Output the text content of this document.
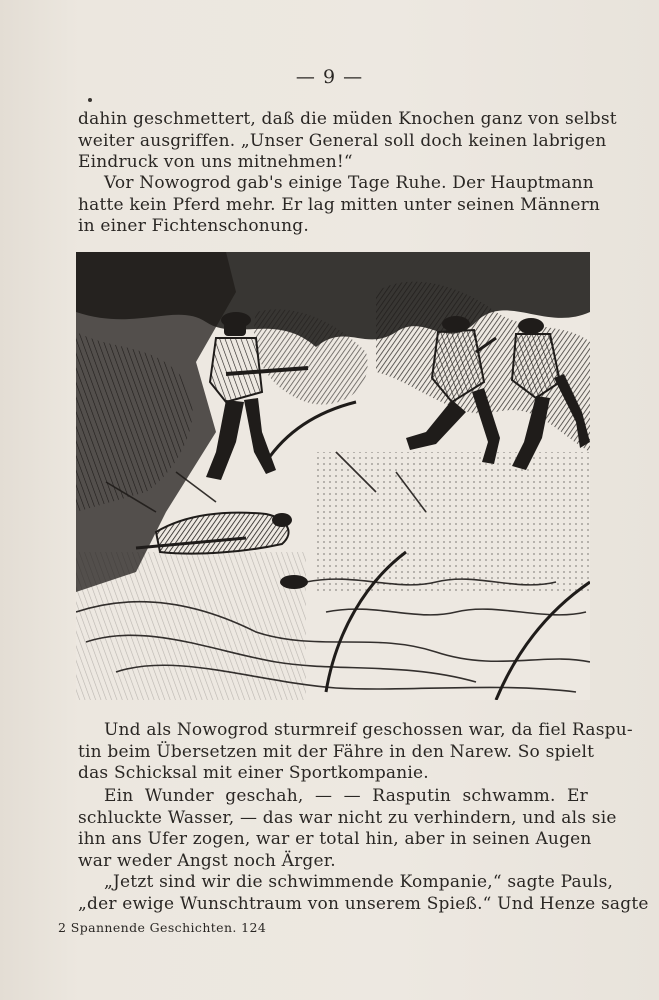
— 9 —
dahin geschmettert, daß die müden Knochen ganz von selbst
weiter ausgriffen. „Unser General soll doch keinen labrigen
Eindruck von uns mitnehmen!“
Vor Nowogrod gab's einige Tage Ruhe. Der Hauptmann
hatte kein Pferd mehr. Er lag mitten unter seinen Männern
in einer Fichtenschonung.
Und als Nowogrod sturmreif geschossen war, da fiel Raspu-
tin beim Übersetzen mit der Fähre in den Narew. So spielt
das Schicksal mit einer Sportkompanie.
Ein Wunder geschah, — — Rasputin schwamm. Er
schluckte Wasser, — das war nicht zu verhindern, und als sie
ihn ans Ufer zogen, war er total hin, aber in seinen Augen
war weder Angst noch Ärger.
„Jetzt sind wir die schwimmende Kompanie,“ sagte Pauls,
„der ewige Wunschtraum von unserem Spieß.“ Und Henze sagte
2 Spannende Geschichten. 124
